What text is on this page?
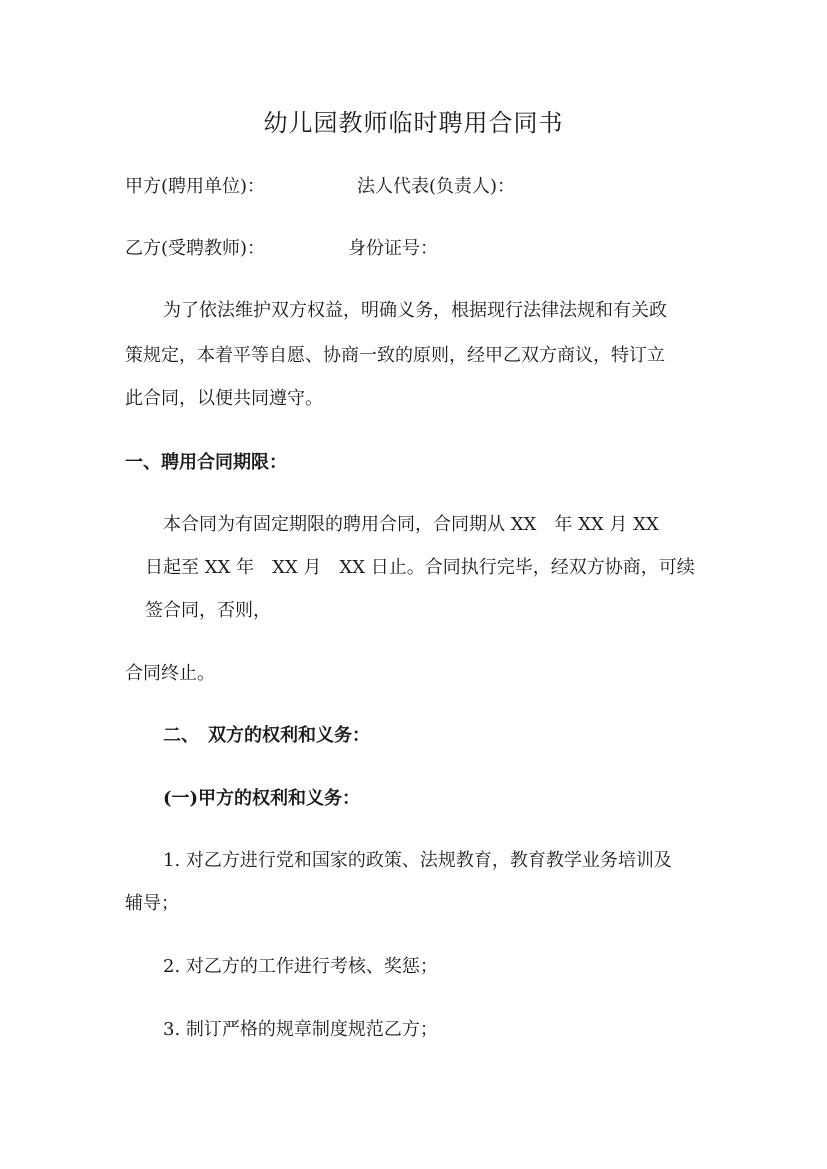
幼儿园教师临时聘用合同书

甲方(聘用单位)：	法人代表(负责人)：

乙方(受聘教师)：	身份证号：

为了依法维护双方权益，明确义务，根据现行法律法规和有关政

策规定，本着平等自愿、协商一致的原则，经甲乙双方商议，特订立

此合同，以便共同遵守。

一、聘用合同期限：

本合同为有固定期限的聘用合同，合同期从 XX　年 XX 月 XX

日起至 XX 年　XX 月　XX 日止。合同执行完毕，经双方协商，可续

签合同，否则，

合同终止。

二、　双方的权利和义务：

(一)甲方的权利和义务：

1. 对乙方进行党和国家的政策、法规教育，教育教学业务培训及

辅导；

2. 对乙方的工作进行考核、奖惩；

3. 制订严格的规章制度规范乙方；
